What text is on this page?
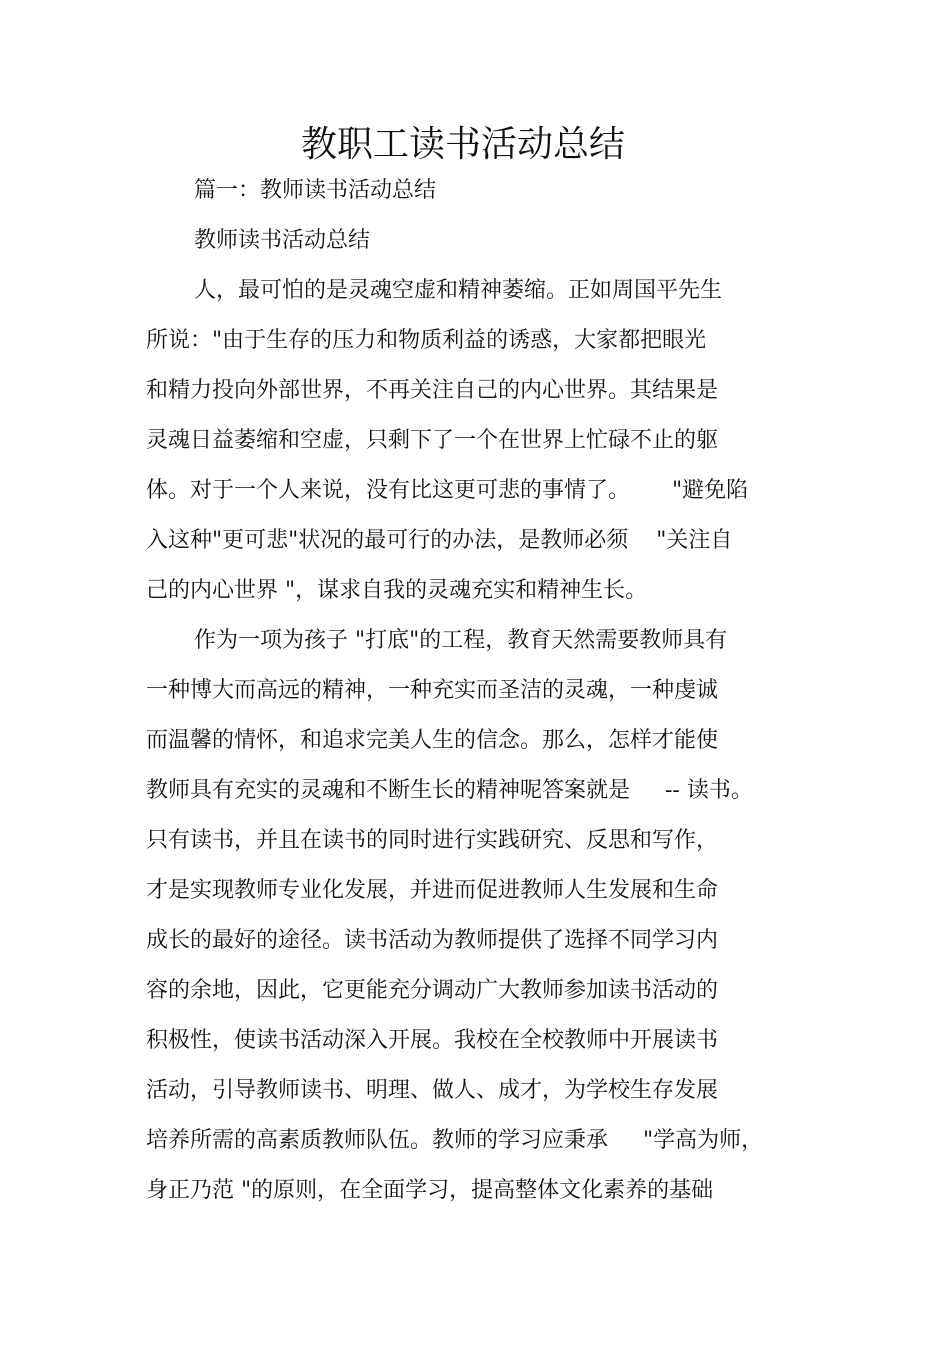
教职工读书活动总结
篇一：教师读书活动总结
教师读书活动总结
人，最可怕的是灵魂空虚和精神萎缩。正如周国平先生
所说："由于生存的压力和物质利益的诱惑，大家都把眼光
和精力投向外部世界，不再关注自己的内心世界。其结果是
灵魂日益萎缩和空虚，只剩下了一个在世界上忙碌不止的躯
体。对于一个人来说，没有比这更可悲的事情了。      "避免陷
入这种"更可悲"状况的最可行的办法，是教师必须    "关注自
己的内心世界 "，谋求自我的灵魂充实和精神生长。
作为一项为孩子 "打底"的工程，教育天然需要教师具有
一种博大而高远的精神，一种充实而圣洁的灵魂，一种虔诚
而温馨的情怀，和追求完美人生的信念。那么，怎样才能使
教师具有充实的灵魂和不断生长的精神呢答案就是     -- 读书。
只有读书，并且在读书的同时进行实践研究、反思和写作，
才是实现教师专业化发展，并进而促进教师人生发展和生命
成长的最好的途径。读书活动为教师提供了选择不同学习内
容的余地，因此，它更能充分调动广大教师参加读书活动的
积极性，使读书活动深入开展。我校在全校教师中开展读书
活动，引导教师读书、明理、做人、成才，为学校生存发展
培养所需的高素质教师队伍。教师的学习应秉承     "学高为师，
身正乃范 "的原则，在全面学习，提高整体文化素养的基础
